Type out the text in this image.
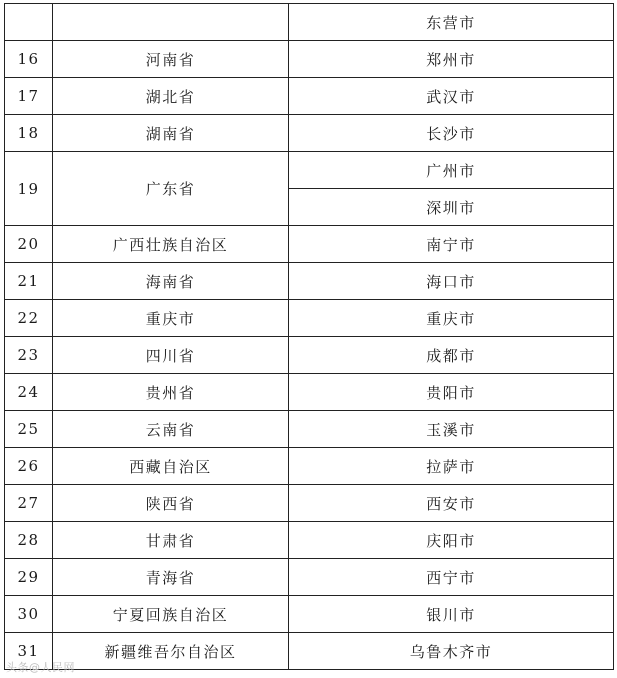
		东营市
16	河南省	郑州市
17	湖北省	武汉市
18	湖南省	长沙市
19	广东省	广州市
		深圳市
20	广西壮族自治区	南宁市
21	海南省	海口市
22	重庆市	重庆市
23	四川省	成都市
24	贵州省	贵阳市
25	云南省	玉溪市
26	西藏自治区	拉萨市
27	陕西省	西安市
28	甘肃省	庆阳市
29	青海省	西宁市
30	宁夏回族自治区	银川市
31	新疆维吾尔自治区	乌鲁木齐市
头条@人民网
